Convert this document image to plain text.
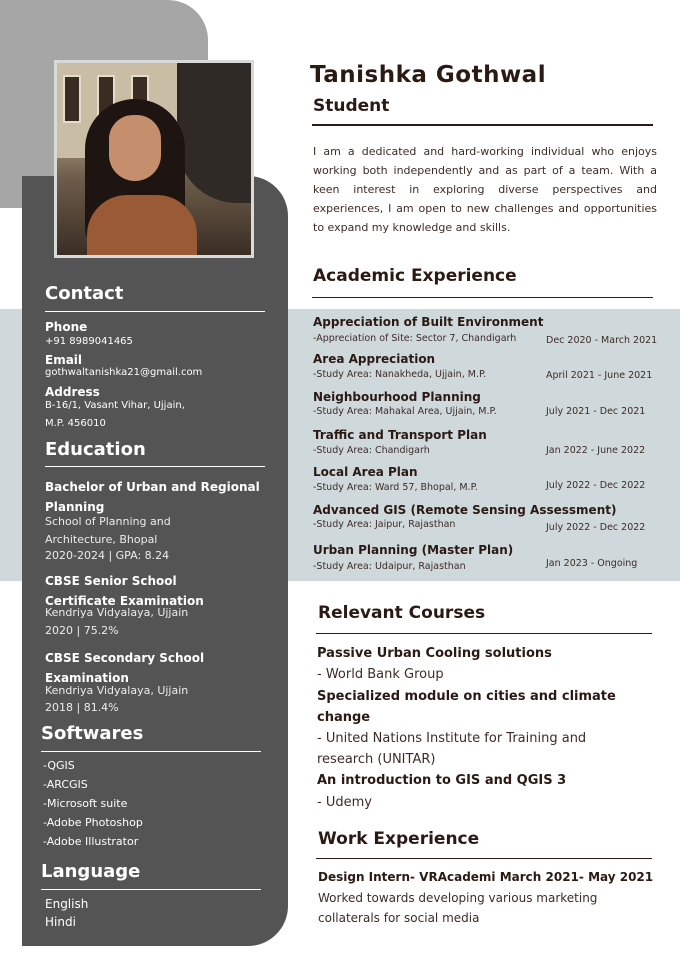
Contact
Phone
+91 8989041465
Email
gothwaltanishka21@gmail.com
Address
B-16/1, Vasant Vihar, Ujjain,
M.P. 456010
Education
Bachelor of Urban and Regional Planning
School of Planning and Architecture, Bhopal
2020-2024 | GPA: 8.24
CBSE Senior School Certificate Examination
Kendriya Vidyalaya, Ujjain
2020 | 75.2%
CBSE Secondary School Examination
Kendriya Vidyalaya, Ujjain
2018 | 81.4%
Softwares
-QGIS
-ARCGIS
-Microsoft suite
-Adobe Photoshop
-Adobe Illustrator
Language
English
Hindi
Tanishka Gothwal
Student
I am a dedicated and hard-working individual who enjoys working both independently and as part of a team. With a keen interest in exploring diverse perspectives and experiences, I am open to new challenges and opportunities to expand my knowledge and skills.
Academic Experience
Appreciation of Built Environment
-Appreciation of Site: Sector 7, Chandigarh	Dec 2020 - March 2021
Area Appreciation
-Study Area: Nanakheda, Ujjain, M.P.	April 2021 - June 2021
Neighbourhood Planning
-Study Area: Mahakal Area, Ujjain, M.P.	July 2021 - Dec 2021
Traffic and Transport Plan
-Study Area: Chandigarh	Jan 2022 - June 2022
Local Area Plan
-Study Area: Ward 57, Bhopal, M.P.	July 2022 - Dec 2022
Advanced GIS (Remote Sensing Assessment)
-Study Area: Jaipur, Rajasthan	July 2022 - Dec 2022
Urban Planning (Master Plan)
-Study Area: Udaipur, Rajasthan	Jan 2023 - Ongoing
Relevant Courses
Passive Urban Cooling solutions
- World Bank Group
Specialized module on cities and climate change
- United Nations Institute for Training and research (UNITAR)
An introduction to GIS and QGIS 3
- Udemy
Work Experience
Design Intern- VRAcademi March 2021- May 2021
Worked towards developing various marketing collaterals for social media
